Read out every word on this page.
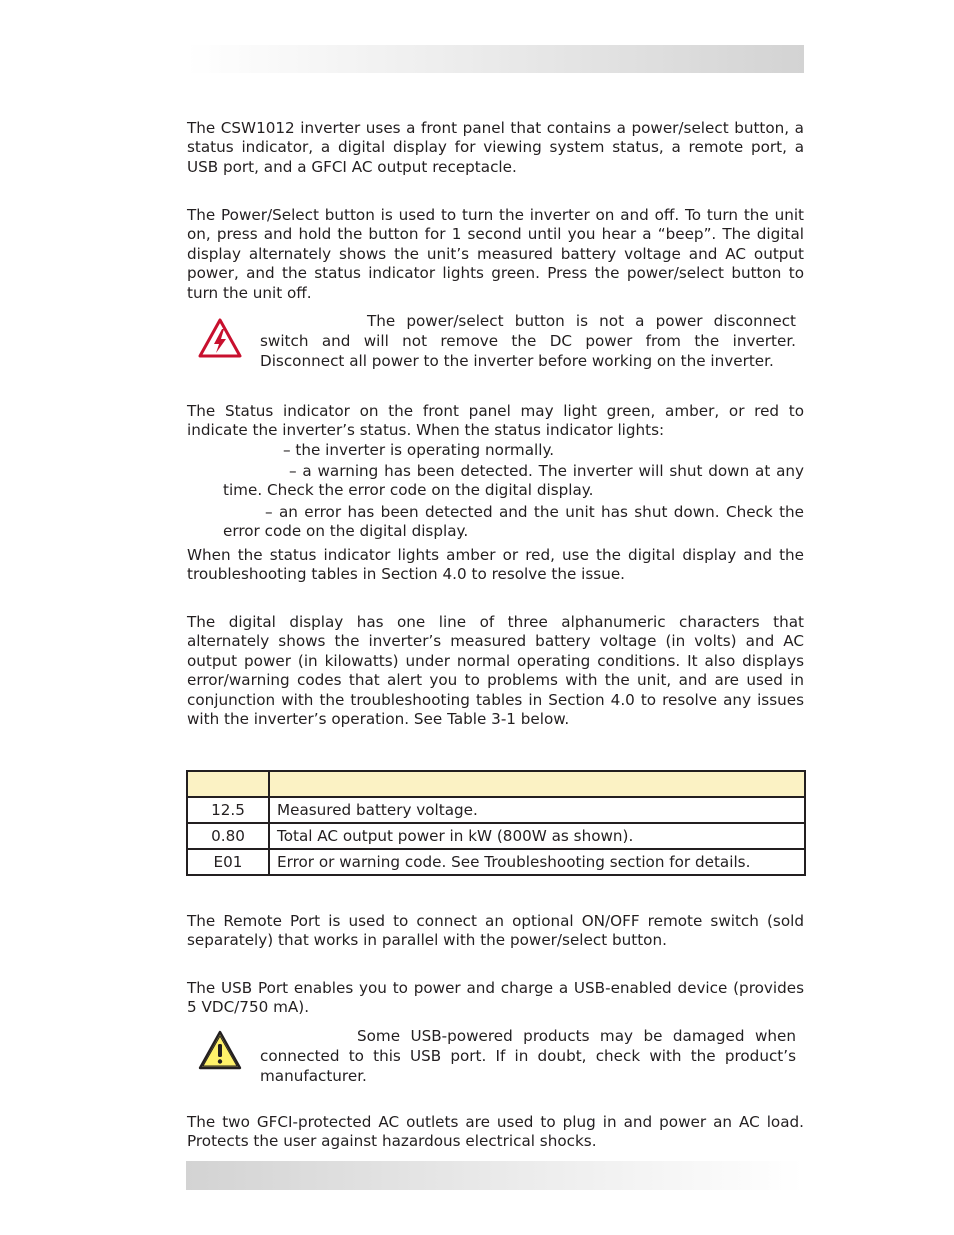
The CSW1012 inverter uses a front panel that contains a power/select button, a status indicator, a digital display for viewing system status, a remote port, a USB port, and a GFCI AC output receptacle.

The Power/Select button is used to turn the inverter on and off. To turn the unit on, press and hold the button for 1 second until you hear a “beep”. The digital display alternately shows the unit’s measured battery voltage and AC output power, and the status indicator lights green. Press the power/select button to turn the unit off.

The power/select button is not a power disconnect switch and will not remove the DC power from the inverter. Disconnect all power to the inverter before working on the inverter.

The Status indicator on the front panel may light green, amber, or red to indicate the inverter’s status. When the status indicator lights:

– the inverter is operating normally.

– a warning has been detected. The inverter will shut down at any time. Check the error code on the digital display.

– an error has been detected and the unit has shut down. Check the error code on the digital display.

When the status indicator lights amber or red, use the digital display and the troubleshooting tables in Section 4.0 to resolve the issue.

The digital display has one line of three alphanumeric characters that alternately shows the inverter’s measured battery voltage (in volts) and AC output power (in kilowatts) under normal operating conditions. It also displays error/warning codes that alert you to problems with the unit, and are used in conjunction with the troubleshooting tables in Section 4.0 to resolve any issues with the inverter’s operation. See Table 3-1 below.

12.5	Measured battery voltage.
0.80	Total AC output power in kW (800W as shown).
E01	Error or warning code. See Troubleshooting section for details.

The Remote Port is used to connect an optional ON/OFF remote switch (sold separately) that works in parallel with the power/select button.

The USB Port enables you to power and charge a USB-enabled device (provides 5 VDC/750 mA).

Some USB-powered products may be damaged when connected to this USB port. If in doubt, check with the product’s manufacturer.

The two GFCI-protected AC outlets are used to plug in and power an AC load. Protects the user against hazardous electrical shocks.
